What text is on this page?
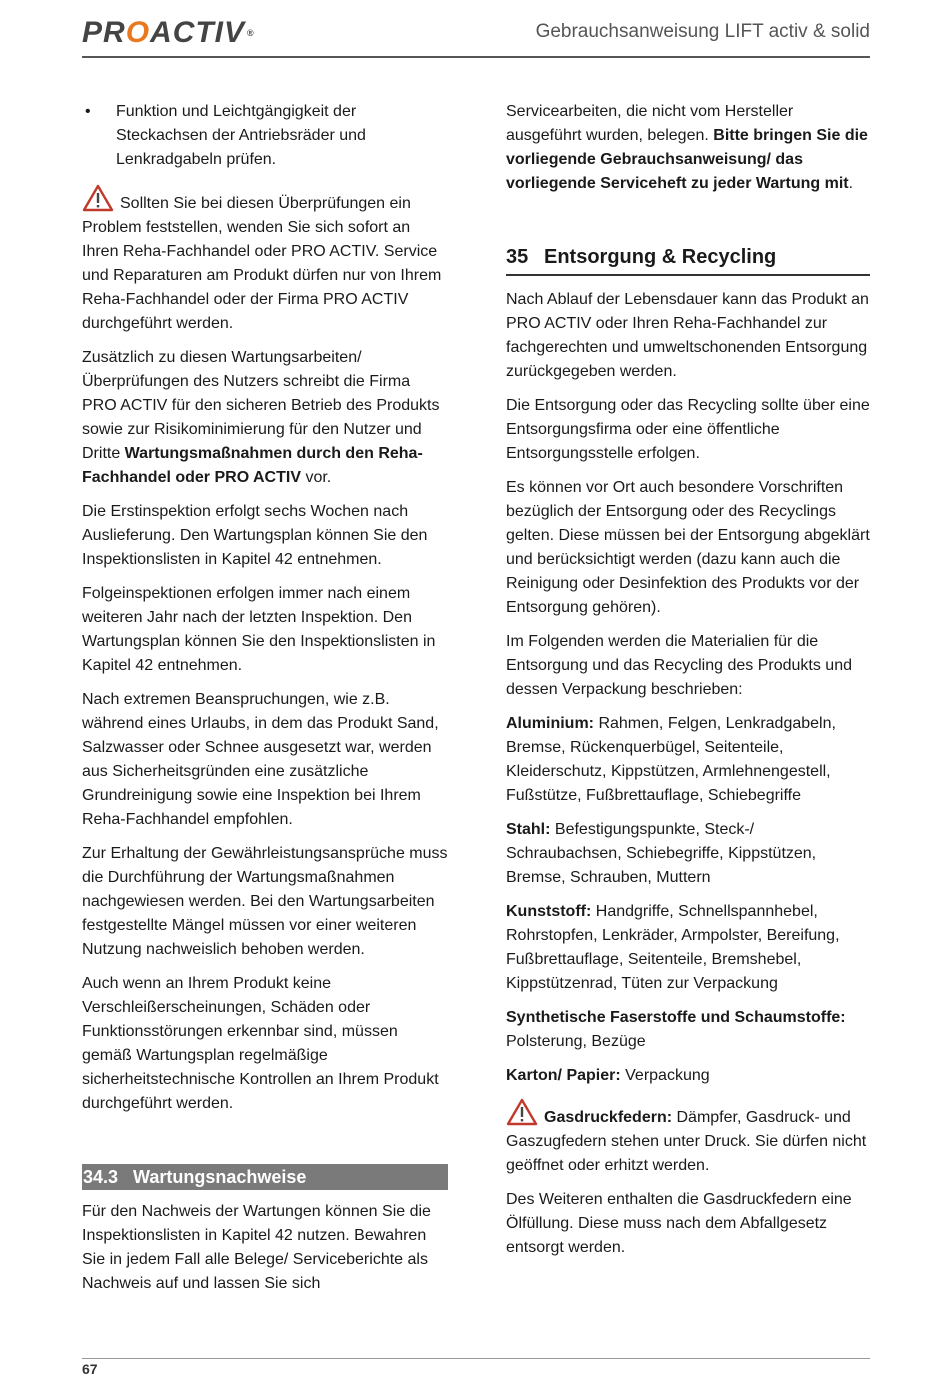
PROACTIV ®	Gebrauchsanweisung LIFT activ & solid
•	Funktion und Leichtgängigkeit der Steckachsen der Antriebsräder und Lenkradgabeln prüfen.

Sollten Sie bei diesen Überprüfungen ein Problem feststellen, wenden Sie sich sofort an Ihren Reha-Fachhandel oder PRO ACTIV. Service und Reparaturen am Produkt dürfen nur von Ihrem Reha-Fachhandel oder der Firma PRO ACTIV durchgeführt werden.

Zusätzlich zu diesen Wartungsarbeiten/ Überprüfungen des Nutzers schreibt die Firma PRO ACTIV für den sicheren Betrieb des Produkts sowie zur Risikominimierung für den Nutzer und Dritte Wartungsmaßnahmen durch den Reha-Fachhandel oder PRO ACTIV vor.

Die Erstinspektion erfolgt sechs Wochen nach Auslieferung. Den Wartungsplan können Sie den Inspektionslisten in Kapitel 42 entnehmen.

Folgeinspektionen erfolgen immer nach einem weiteren Jahr nach der letzten Inspektion. Den Wartungsplan können Sie den Inspektionslisten in Kapitel 42 entnehmen.

Nach extremen Beanspruchungen, wie z.B. während eines Urlaubs, in dem das Produkt Sand, Salzwasser oder Schnee ausgesetzt war, werden aus Sicherheitsgründen eine zusätzliche Grundreinigung sowie eine Inspektion bei Ihrem Reha-Fachhandel empfohlen.

Zur Erhaltung der Gewährleistungsansprüche muss die Durchführung der Wartungsmaßnahmen nachgewiesen werden. Bei den Wartungsarbeiten festgestellte Mängel müssen vor einer weiteren Nutzung nachweislich behoben werden.

Auch wenn an Ihrem Produkt keine Verschleißerscheinungen, Schäden oder Funktionsstörungen erkennbar sind, müssen gemäß Wartungsplan regelmäßige sicherheitstechnische Kontrollen an Ihrem Produkt durchgeführt werden.

34.3 Wartungsnachweise

Für den Nachweis der Wartungen können Sie die Inspektionslisten in Kapitel 42 nutzen. Bewahren Sie in jedem Fall alle Belege/ Serviceberichte als Nachweis auf und lassen Sie sich

Servicearbeiten, die nicht vom Hersteller ausgeführt wurden, belegen. Bitte bringen Sie die vorliegende Gebrauchsanweisung/ das vorliegende Serviceheft zu jeder Wartung mit.

35 Entsorgung & Recycling

Nach Ablauf der Lebensdauer kann das Produkt an PRO ACTIV oder Ihren Reha-Fachhandel zur fachgerechten und umweltschonenden Entsorgung zurückgegeben werden.

Die Entsorgung oder das Recycling sollte über eine Entsorgungsfirma oder eine öffentliche Entsorgungsstelle erfolgen.

Es können vor Ort auch besondere Vorschriften bezüglich der Entsorgung oder des Recyclings gelten. Diese müssen bei der Entsorgung abgeklärt und berücksichtigt werden (dazu kann auch die Reinigung oder Desinfektion des Produkts vor der Entsorgung gehören).

Im Folgenden werden die Materialien für die Entsorgung und das Recycling des Produkts und dessen Verpackung beschrieben:

Aluminium: Rahmen, Felgen, Lenkradgabeln, Bremse, Rückenquerbügel, Seitenteile, Kleiderschutz, Kippstützen, Armlehnengestell, Fußstütze, Fußbrettauflage, Schiebegriffe

Stahl: Befestigungspunkte, Steck-/ Schraubachsen, Schiebegriffe, Kippstützen, Bremse, Schrauben, Muttern

Kunststoff: Handgriffe, Schnellspannhebel, Rohrstopfen, Lenkräder, Armpolster, Bereifung, Fußbrettauflage, Seitenteile, Bremshebel, Kippstützenrad, Tüten zur Verpackung

Synthetische Faserstoffe und Schaumstoffe: Polsterung, Bezüge

Karton/ Papier: Verpackung

Gasdruckfedern: Dämpfer, Gasdruck- und Gaszugfedern stehen unter Druck. Sie dürfen nicht geöffnet oder erhitzt werden.

Des Weiteren enthalten die Gasdruckfedern eine Ölfüllung. Diese muss nach dem Abfallgesetz entsorgt werden.

67
